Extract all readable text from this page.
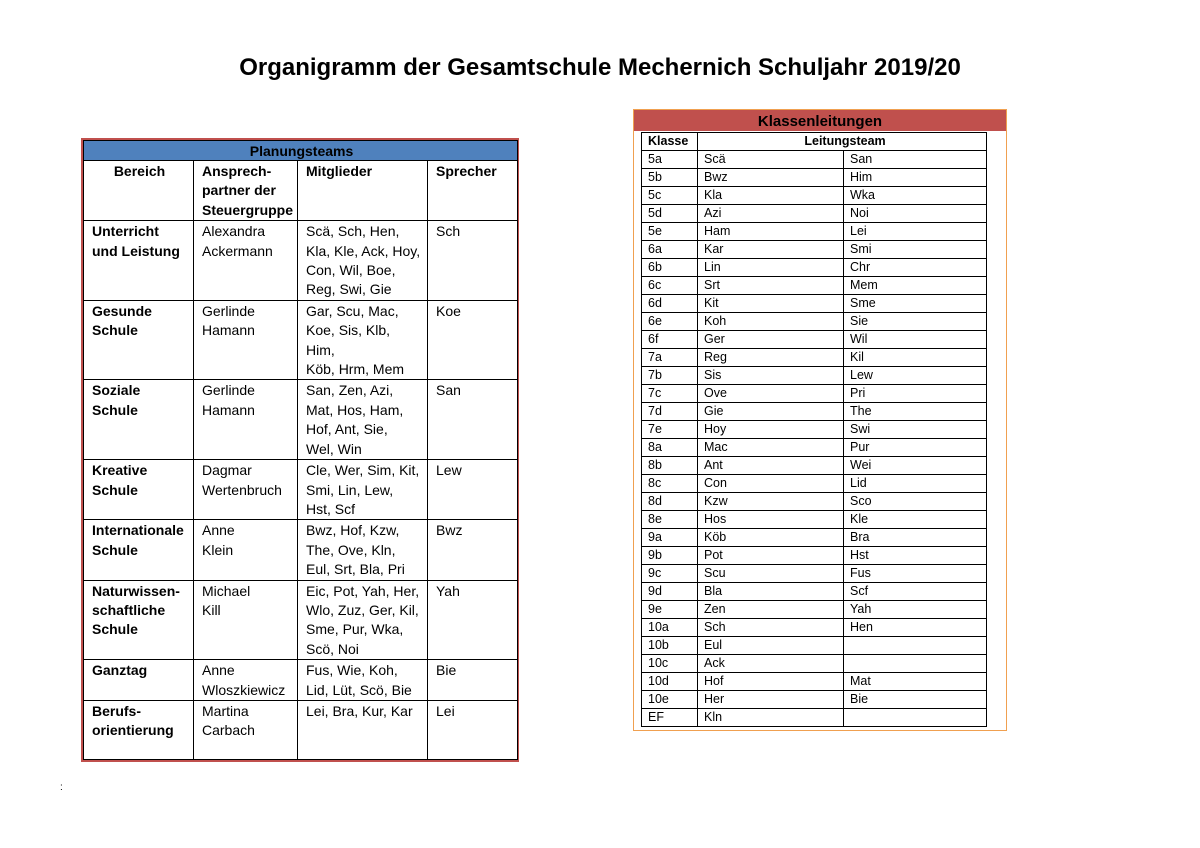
Organigramm der Gesamtschule Mechernich Schuljahr 2019/20
Planungsteams			
Bereich	Ansprech-
partner der
Steuergruppe	Mitglieder	Sprecher
Unterricht
und Leistung	Alexandra
Ackermann	Scä, Sch, Hen,
Kla, Kle, Ack, Hoy,
Con, Wil, Boe,
Reg, Swi, Gie	Sch
Gesunde
Schule	Gerlinde
Hamann	Gar, Scu, Mac,
Koe, Sis, Klb, Him,
Köb, Hrm, Mem	Koe
Soziale Schule	Gerlinde
Hamann	San, Zen, Azi,
Mat, Hos, Ham,
Hof, Ant, Sie,
Wel, Win	San
Kreative
Schule	Dagmar
Wertenbruch	Cle, Wer, Sim, Kit,
Smi, Lin, Lew,
Hst, Scf	Lew
Internationale
Schule	Anne
Klein	Bwz, Hof, Kzw,
The, Ove, Kln,
Eul, Srt, Bla, Pri	Bwz
Naturwissen-
schaftliche
Schule	Michael
Kill	Eic, Pot, Yah, Her,
Wlo, Zuz, Ger, Kil,
Sme, Pur, Wka,
Scö, Noi	Yah
Ganztag	Anne
Wloszkiewicz	Fus, Wie, Koh,
Lid, Lüt, Scö, Bie	Bie
Berufs-
orientierung	Martina
Carbach	Lei, Bra, Kur, Kar	Lei
Klassenleitungen
Klasse	Leitungsteam	
5a	Scä	San
5b	Bwz	Him
5c	Kla	Wka
5d	Azi	Noi
5e	Ham	Lei
6a	Kar	Smi
6b	Lin	Chr
6c	Srt	Mem
6d	Kit	Sme
6e	Koh	Sie
6f	Ger	Wil
7a	Reg	Kil
7b	Sis	Lew
7c	Ove	Pri
7d	Gie	The
7e	Hoy	Swi
8a	Mac	Pur
8b	Ant	Wei
8c	Con	Lid
8d	Kzw	Sco
8e	Hos	Kle
9a	Köb	Bra
9b	Pot	Hst
9c	Scu	Fus
9d	Bla	Scf
9e	Zen	Yah
10a	Sch	Hen
10b	Eul	
10c	Ack	
10d	Hof	Mat
10e	Her	Bie
EF	Kln	
:
